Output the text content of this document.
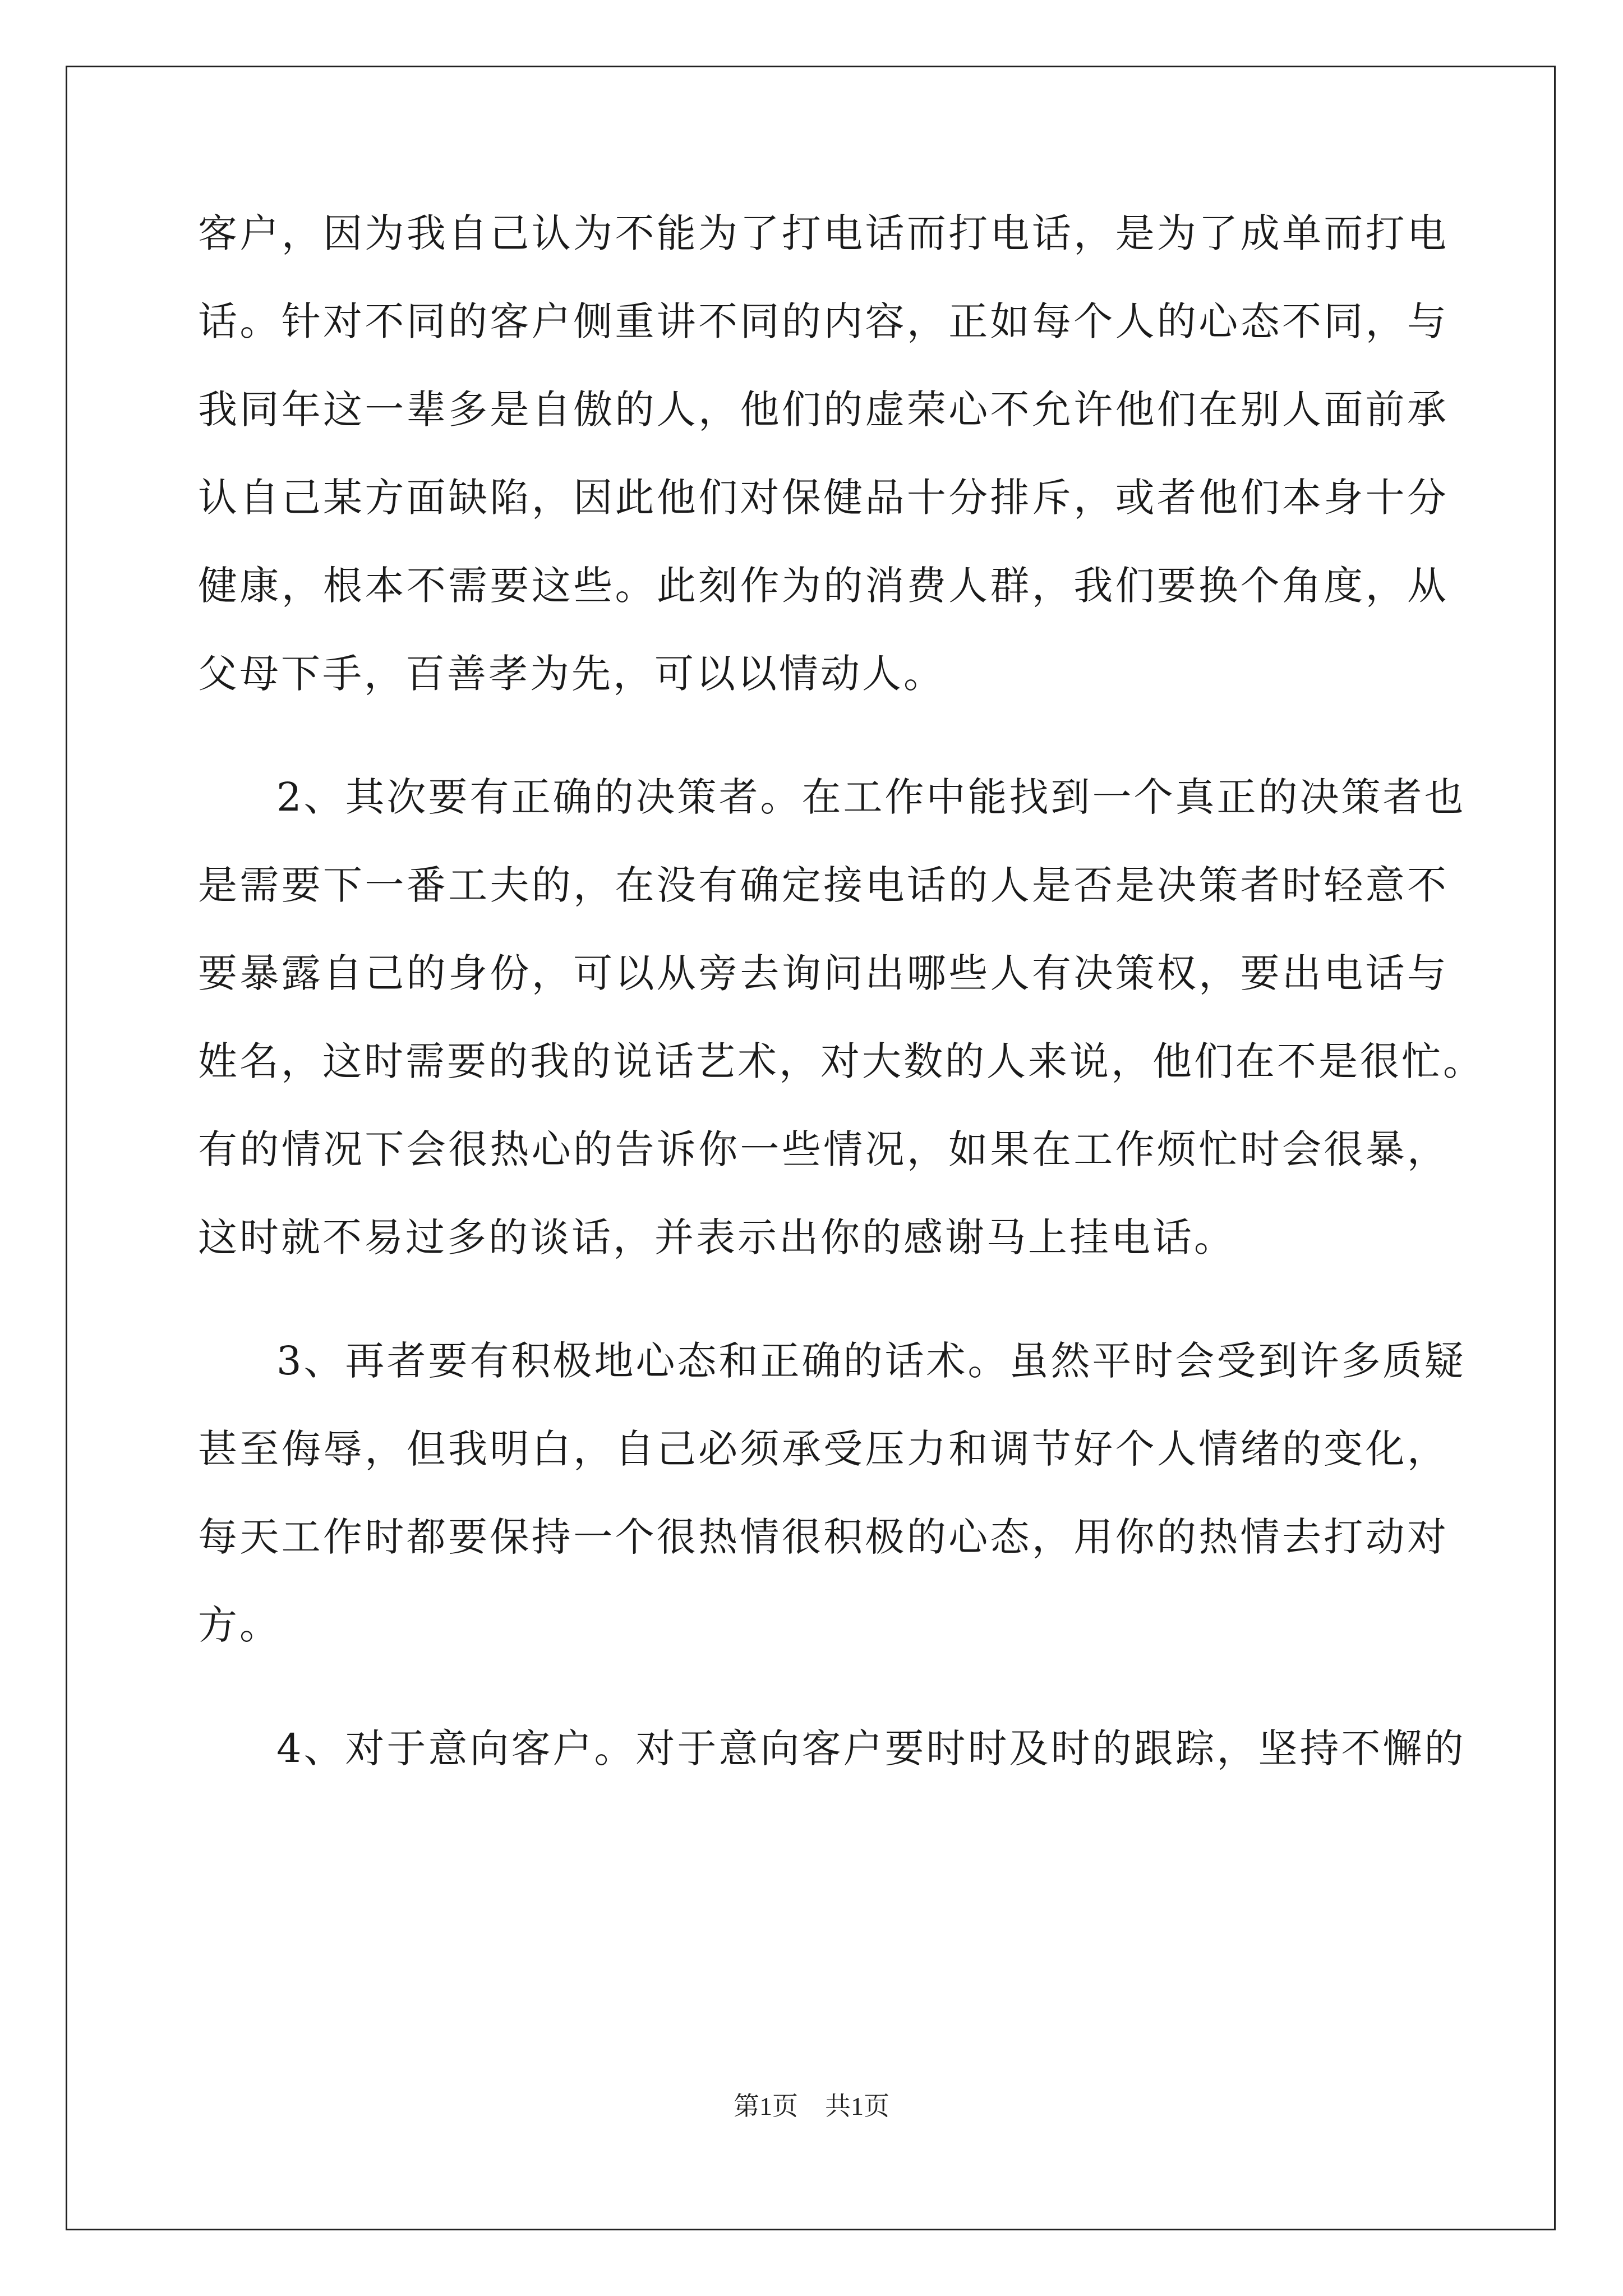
客户，因为我自己认为不能为了打电话而打电话，是为了成单而打电
话。针对不同的客户侧重讲不同的内容，正如每个人的心态不同，与
我同年这一辈多是自傲的人，他们的虚荣心不允许他们在别人面前承
认自己某方面缺陷，因此他们对保健品十分排斥，或者他们本身十分
健康，根本不需要这些。此刻作为的消费人群，我们要换个角度，从
父母下手，百善孝为先，可以以情动人。
2、其次要有正确的决策者。在工作中能找到一个真正的决策者也
是需要下一番工夫的，在没有确定接电话的人是否是决策者时轻意不
要暴露自己的身份，可以从旁去询问出哪些人有决策权，要出电话与
姓名，这时需要的我的说话艺术，对大数的人来说，他们在不是很忙。
有的情况下会很热心的告诉你一些情况，如果在工作烦忙时会很暴，
这时就不易过多的谈话，并表示出你的感谢马上挂电话。
3、再者要有积极地心态和正确的话术。虽然平时会受到许多质疑
甚至侮辱，但我明白，自己必须承受压力和调节好个人情绪的变化，
每天工作时都要保持一个很热情很积极的心态，用你的热情去打动对
方。
4、对于意向客户。对于意向客户要时时及时的跟踪，坚持不懈的
第1页 共1页
